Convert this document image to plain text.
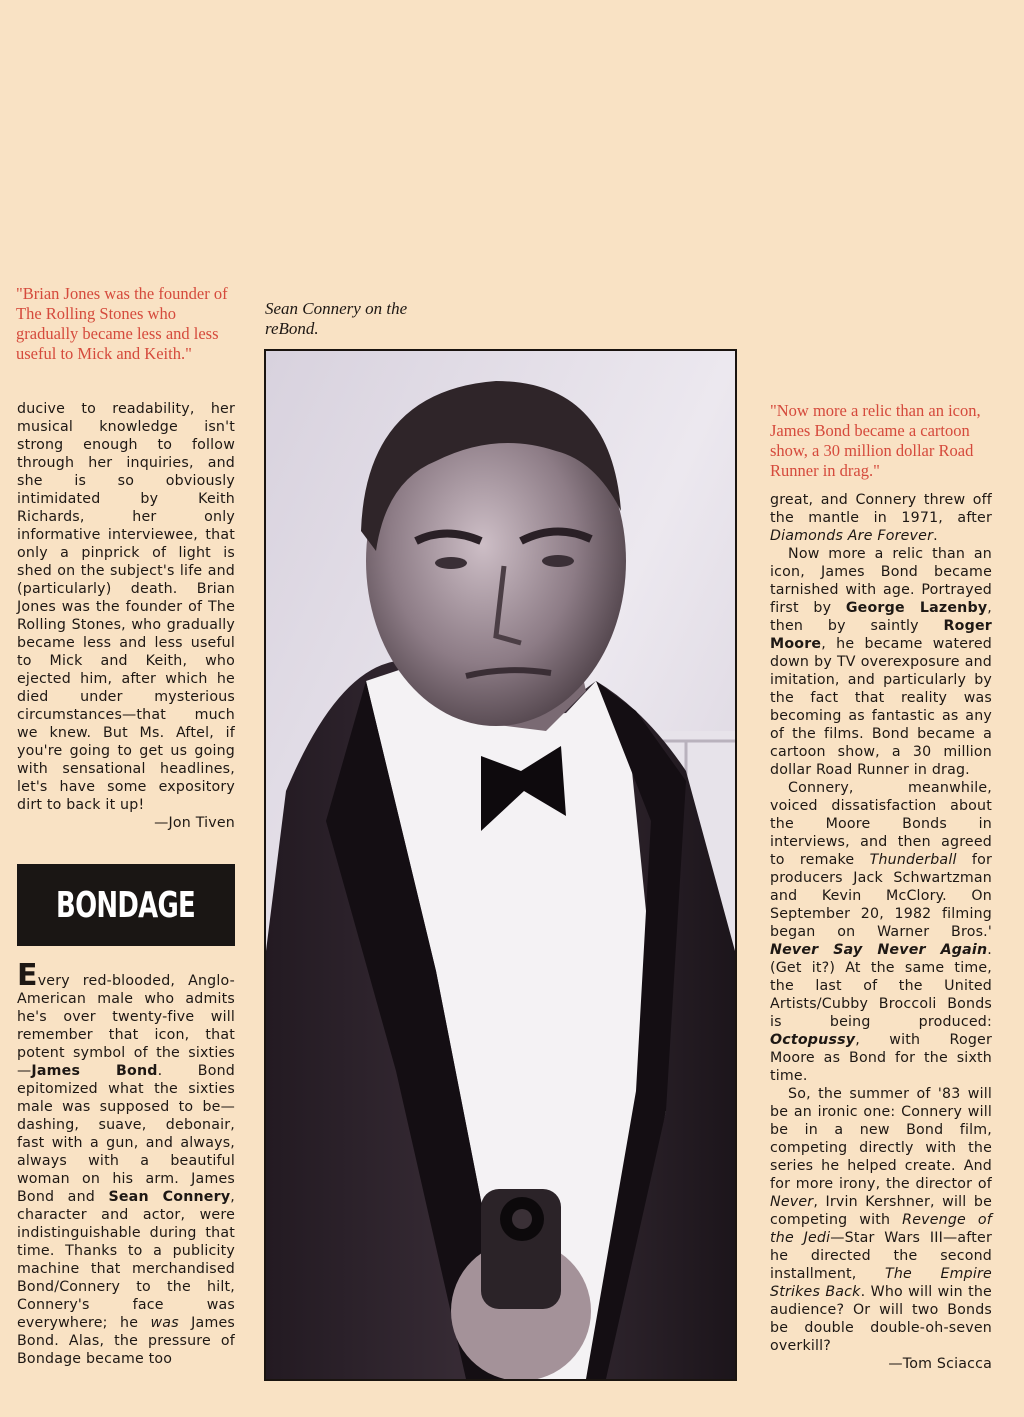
"Brian Jones was the founder of The Rolling Stones who gradually became less and less useful to Mick and Keith."

ducive to readability, her musical knowledge isn't strong enough to follow through her inquiries, and she is so obviously intimidated by Keith Richards, her only informative interviewee, that only a pinprick of light is shed on the subject's life and (particularly) death. Brian Jones was the founder of The Rolling Stones, who gradually became less and less useful to Mick and Keith, who ejected him, after which he died under mysterious circumstances—that much we knew. But Ms. Aftel, if you're going to get us going with sensational headlines, let's have some expository dirt to back it up!

—Jon Tiven

BONDAGE

Every red-blooded, Anglo-American male who admits he's over twenty-five will remember that icon, that potent symbol of the sixties—James Bond. Bond epitomized what the sixties male was supposed to be—dashing, suave, debonair, fast with a gun, and always, always with a beautiful woman on his arm. James Bond and Sean Connery, character and actor, were indistinguishable during that time. Thanks to a publicity machine that merchandised Bond/Connery to the hilt, Connery's face was everywhere; he was James Bond. Alas, the pressure of Bondage became too

Sean Connery on the reBond.
"Now more a relic than an icon, James Bond became a cartoon show, a 30 million dollar Road Runner in drag."

great, and Connery threw off the mantle in 1971, after Diamonds Are Forever.

Now more a relic than an icon, James Bond became tarnished with age. Portrayed first by George Lazenby, then by saintly Roger Moore, he became watered down by TV overexposure and imitation, and particularly by the fact that reality was becoming as fantastic as any of the films. Bond became a cartoon show, a 30 million dollar Road Runner in drag.

Connery, meanwhile, voiced dissatisfaction about the Moore Bonds in interviews, and then agreed to remake Thunderball for producers Jack Schwartzman and Kevin McClory. On September 20, 1982 filming began on Warner Bros.' Never Say Never Again. (Get it?) At the same time, the last of the United Artists/Cubby Broccoli Bonds is being produced: Octopussy, with Roger Moore as Bond for the sixth time.

So, the summer of '83 will be an ironic one: Connery will be in a new Bond film, competing directly with the series he helped create. And for more irony, the director of Never, Irvin Kershner, will be competing with Revenge of the Jedi—Star Wars III—after he directed the second installment, The Empire Strikes Back. Who will win the audience? Or will two Bonds be double double-oh-seven overkill?

—Tom Sciacca
